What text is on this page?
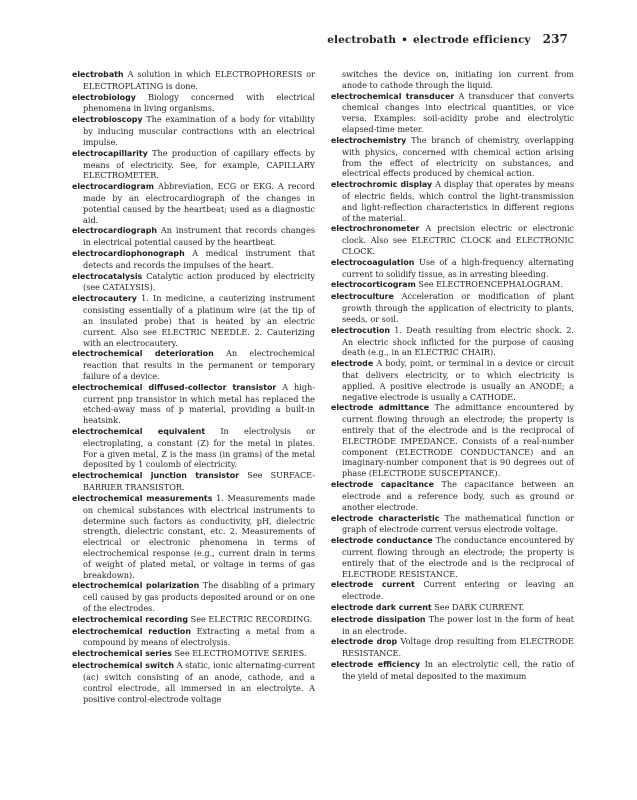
electrobath • electrode efficiency 237

electrobath A solution in which ELECTROPHORESIS or ELECTROPLATING is done.

electrobiology Biology concerned with electrical phenomena in living organisms.

electrobioscopy The examination of a body for vitability by inducing muscular contractions with an electrical impulse.

electrocapillarity The production of capillary effects by means of electricity. See, for example, CAPILLARY ELECTROMETER.

electrocardiogram Abbreviation, ECG or EKG. A record made by an electrocardiograph of the changes in potential caused by the heartbeat; used as a diagnostic aid.

electrocardiograph An instrument that records changes in electrical potential caused by the heartbeat.

electrocardiophonograph A medical instrument that detects and records the impulses of the heart.

electrocatalysis Catalytic action produced by electricity (see CATALYSIS).

electrocautery 1. In medicine, a cauterizing instrument consisting essentially of a platinum wire (at the tip of an insulated probe) that is heated by an electric current. Also see ELECTRIC NEEDLE. 2. Cauterizing with an electrocautery.

electrochemical deterioration An electrochemical reaction that results in the permanent or temporary failure of a device.

electrochemical diffused-collector transistor A high-current pnp transistor in which metal has replaced the etched-away mass of p material, providing a built-in heatsink.

electrochemical equivalent In electrolysis or electroplating, a constant (Z) for the metal in plates. For a given metal, Z is the mass (in grams) of the metal deposited by 1 coulomb of electricity.

electrochemical junction transistor See SURFACE-BARRIER TRANSISTOR.

electrochemical measurements 1. Measurements made on chemical substances with electrical instruments to determine such factors as conductivity, pH, dielectric strength, dielectric constant, etc. 2. Measurements of electrical or electronic phenomena in terms of electrochemical response (e.g., current drain in terms of weight of plated metal, or voltage in terms of gas breakdown).

electrochemical polarization The disabling of a primary cell caused by gas products deposited around or on one of the electrodes.

electrochemical recording See ELECTRIC RECORDING.

electrochemical reduction Extracting a metal from a compound by means of electrolysis.

electrochemical series See ELECTROMOTIVE SERIES.

electrochemical switch A static, ionic alternating-current (ac) switch consisting of an anode, cathode, and a control electrode, all immersed in an electrolyte. A positive control-electrode voltage

switches the device on, initiating ion current from anode to cathode through the liquid.

electrochemical transducer A transducer that converts chemical changes into electrical quantities, or vice versa. Examples: soil-acidity probe and electrolytic elapsed-time meter.

electrochemistry The branch of chemistry, overlapping with physics, concerned with chemical action arising from the effect of electricity on substances, and electrical effects produced by chemical action.

electrochromic display A display that operates by means of electric fields, which control the light-transmission and light-reflection characteristics in different regions of the material.

electrochronometer A precision electric or electronic clock. Also see ELECTRIC CLOCK and ELECTRONIC CLOCK.

electrocoagulation Use of a high-frequency alternating current to solidify tissue, as in arresting bleeding.

electrocorticogram See ELECTROENCEPHALOGRAM.

electroculture Acceleration or modification of plant growth through the application of electricity to plants, seeds, or soil.

electrocution 1. Death resulting from electric shock. 2. An electric shock inflicted for the purpose of causing death (e.g., in an ELECTRIC CHAIR).

electrode A body, point, or terminal in a device or circuit that delivers electricity, or to which electricity is applied. A positive electrode is usually an ANODE; a negative electrode is usually a CATHODE.

electrode admittance The admittance encountered by current flowing through an electrode; the property is entirely that of the electrode and is the reciprocal of ELECTRODE IMPEDANCE. Consists of a real-number component (ELECTRODE CONDUCTANCE) and an imaginary-number component that is 90 degrees out of phase (ELECTRODE SUSCEPTANCE).

electrode capacitance The capacitance between an electrode and a reference body, such as ground or another electrode.

electrode characteristic The mathematical function or graph of electrode current versus electrode voltage.

electrode conductance The conductance encountered by current flowing through an electrode; the property is entirely that of the electrode and is the reciprocal of ELECTRODE RESISTANCE.

electrode current Current entering or leaving an electrode.

electrode dark current See DARK CURRENT.

electrode dissipation The power lost in the form of heat in an electrode.

electrode drop Voltage drop resulting from ELECTRODE RESISTANCE.

electrode efficiency In an electrolytic cell, the ratio of the yield of metal deposited to the maximum
